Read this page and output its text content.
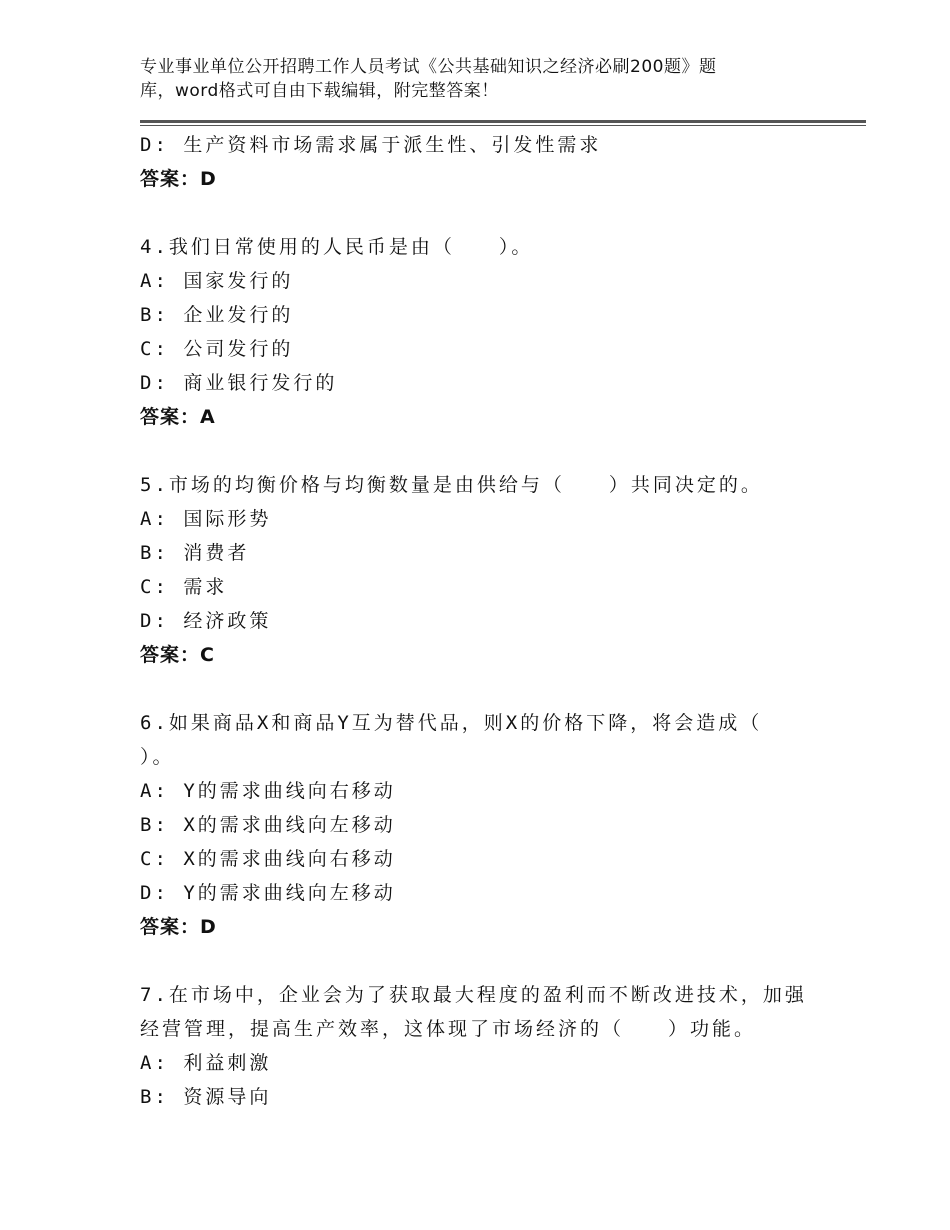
专业事业单位公开招聘工作人员考试《公共基础知识之经济必刷200题》题
库，word格式可自由下载编辑，附完整答案！
D: 生产资料市场需求属于派生性、引发性需求
答案：D
4.我们日常使用的人民币是由（　　）。
A: 国家发行的
B: 企业发行的
C: 公司发行的
D: 商业银行发行的
答案：A
5.市场的均衡价格与均衡数量是由供给与（　　）共同决定的。
A: 国际形势
B: 消费者
C: 需求
D: 经济政策
答案：C
6.如果商品X和商品Y互为替代品，则X的价格下降，将会造成（
）。
A: Y的需求曲线向右移动
B: X的需求曲线向左移动
C: X的需求曲线向右移动
D: Y的需求曲线向左移动
答案：D
7.在市场中，企业会为了获取最大程度的盈利而不断改进技术，加强
经营管理，提高生产效率，这体现了市场经济的（　　）功能。
A: 利益刺激
B: 资源导向
